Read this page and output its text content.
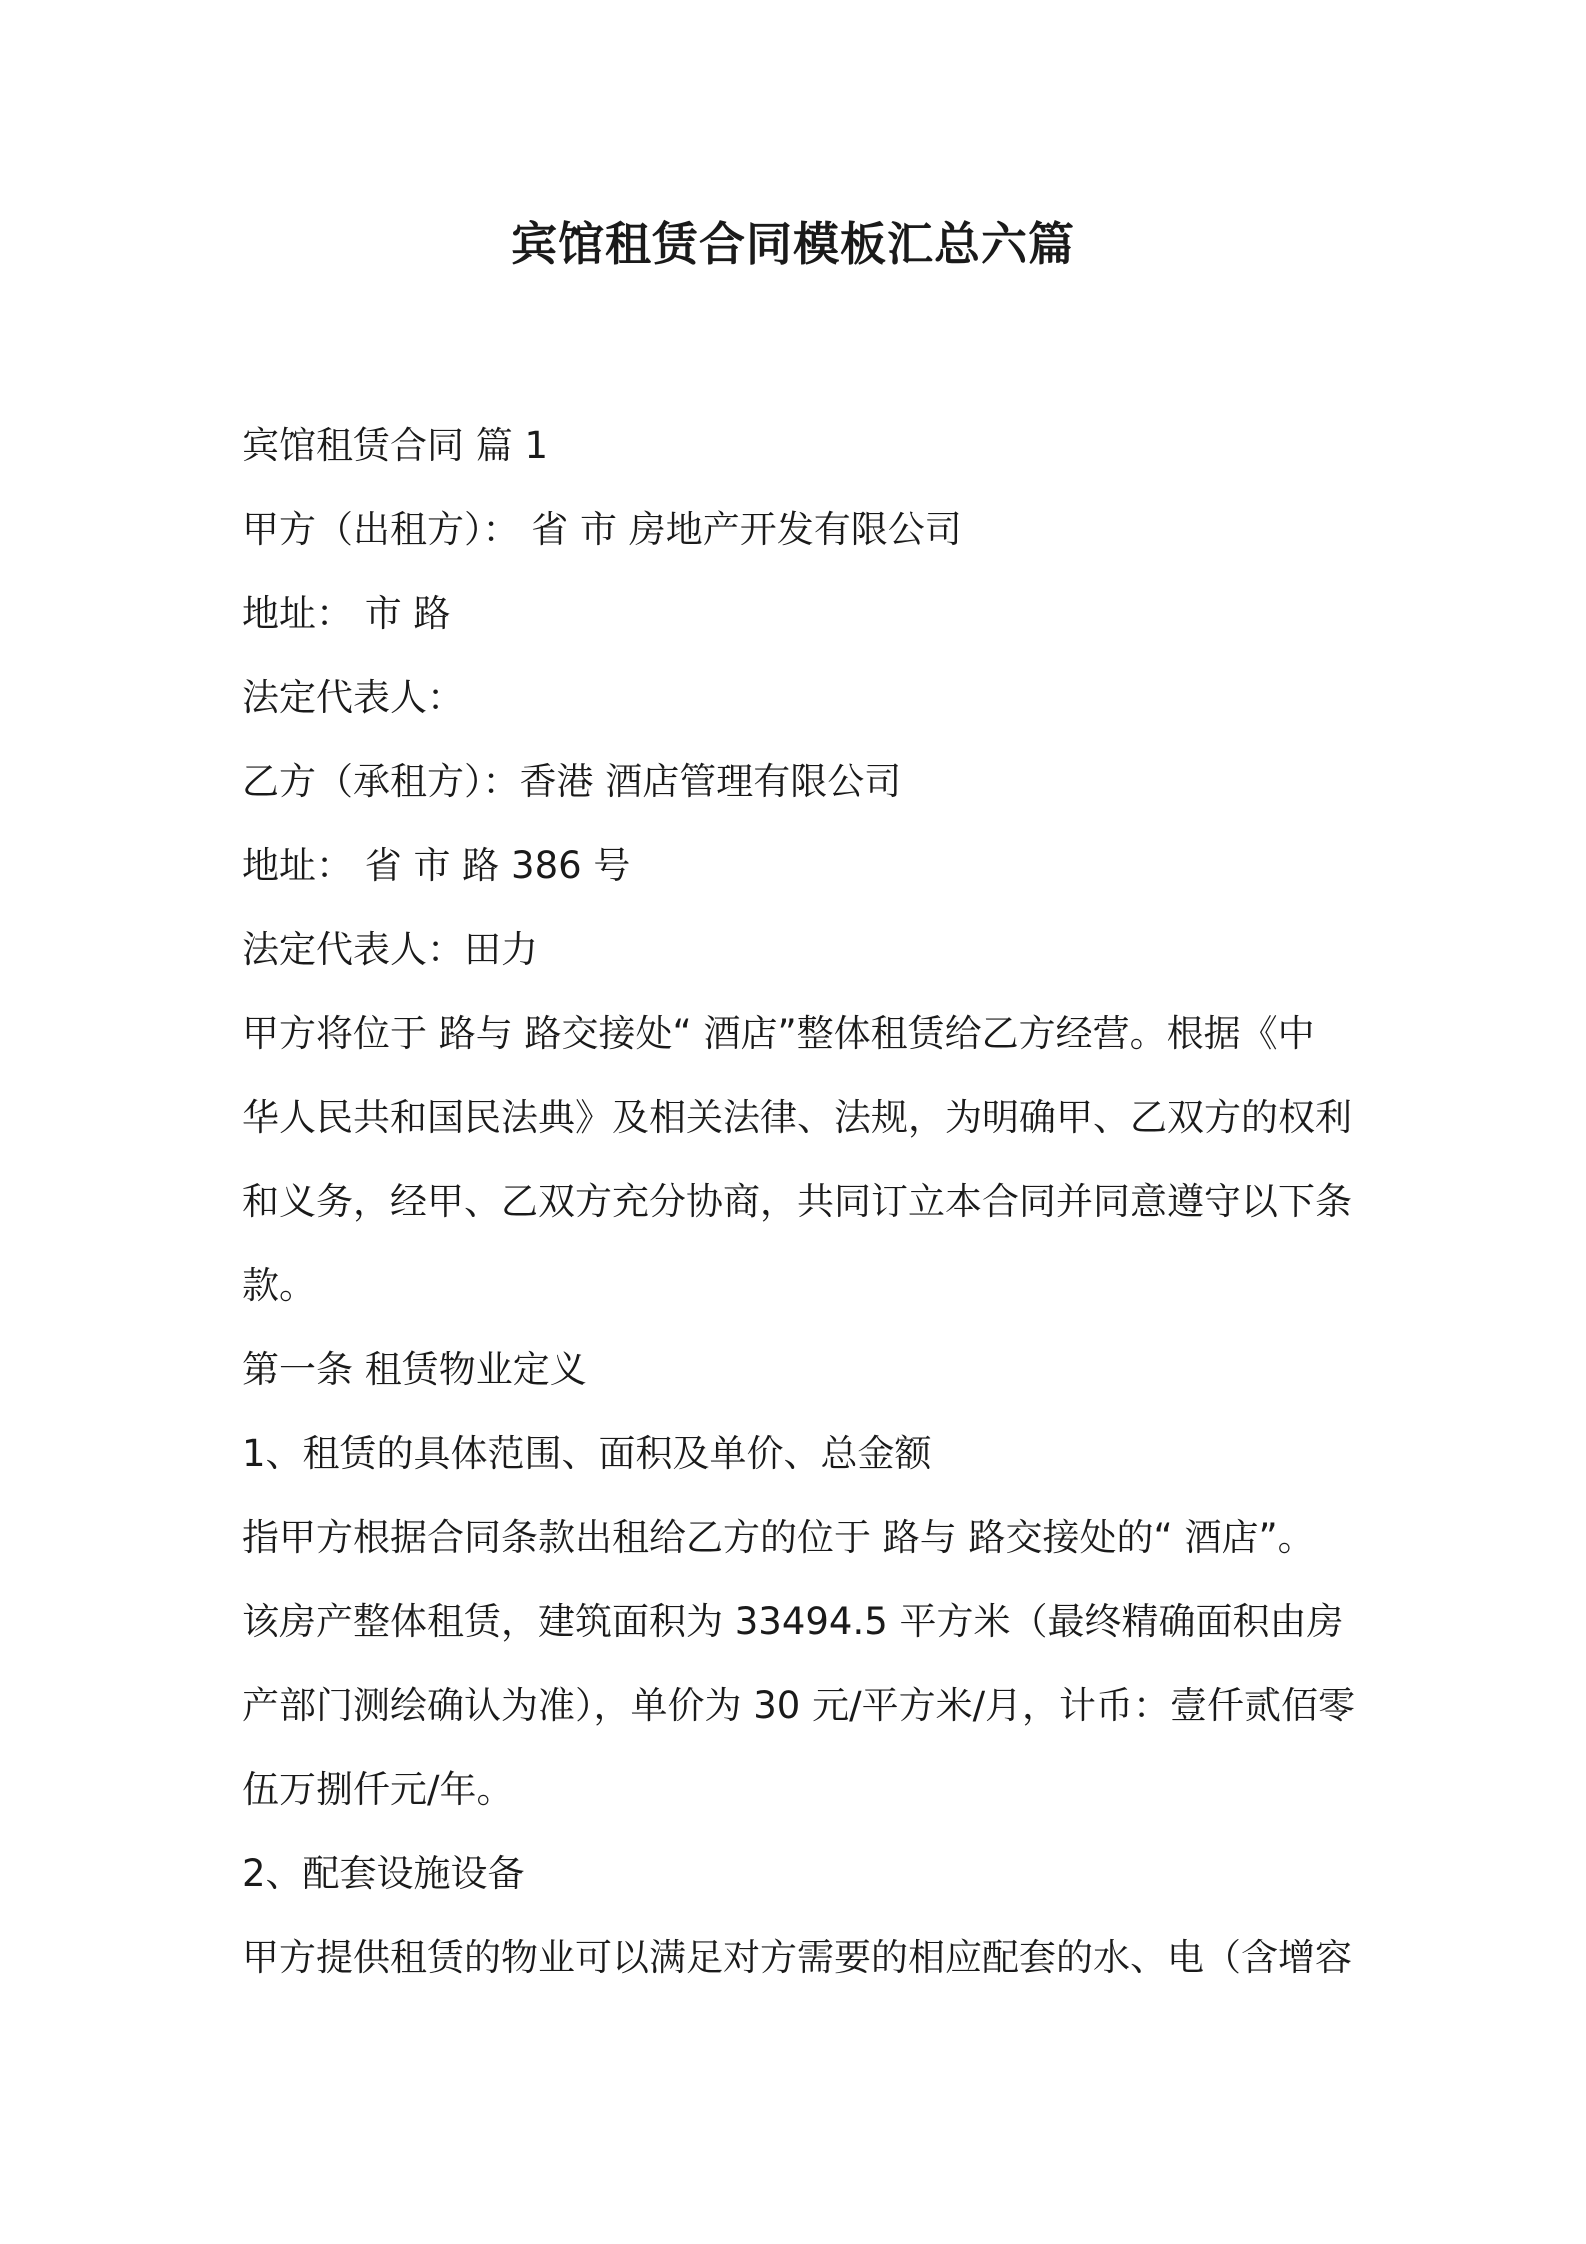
宾馆租赁合同模板汇总六篇
宾馆租赁合同 篇 1
甲方（出租方）： 省 市 房地产开发有限公司
地址： 市 路
法定代表人：
乙方（承租方）：香港 酒店管理有限公司
地址： 省 市 路 386 号
法定代表人：田力
甲方将位于 路与 路交接处“ 酒店”整体租赁给乙方经营。根据《中
华人民共和国民法典》及相关法律、法规，为明确甲、乙双方的权利
和义务，经甲、乙双方充分协商，共同订立本合同并同意遵守以下条
款。
第一条 租赁物业定义
1、租赁的具体范围、面积及单价、总金额
指甲方根据合同条款出租给乙方的位于 路与 路交接处的“ 酒店”。
该房产整体租赁，建筑面积为 33494.5 平方米（最终精确面积由房
产部门测绘确认为准），单价为 30 元/平方米/月，计币：壹仟贰佰零
伍万捌仟元/年。
2、配套设施设备
甲方提供租赁的物业可以满足对方需要的相应配套的水、电（含增容
